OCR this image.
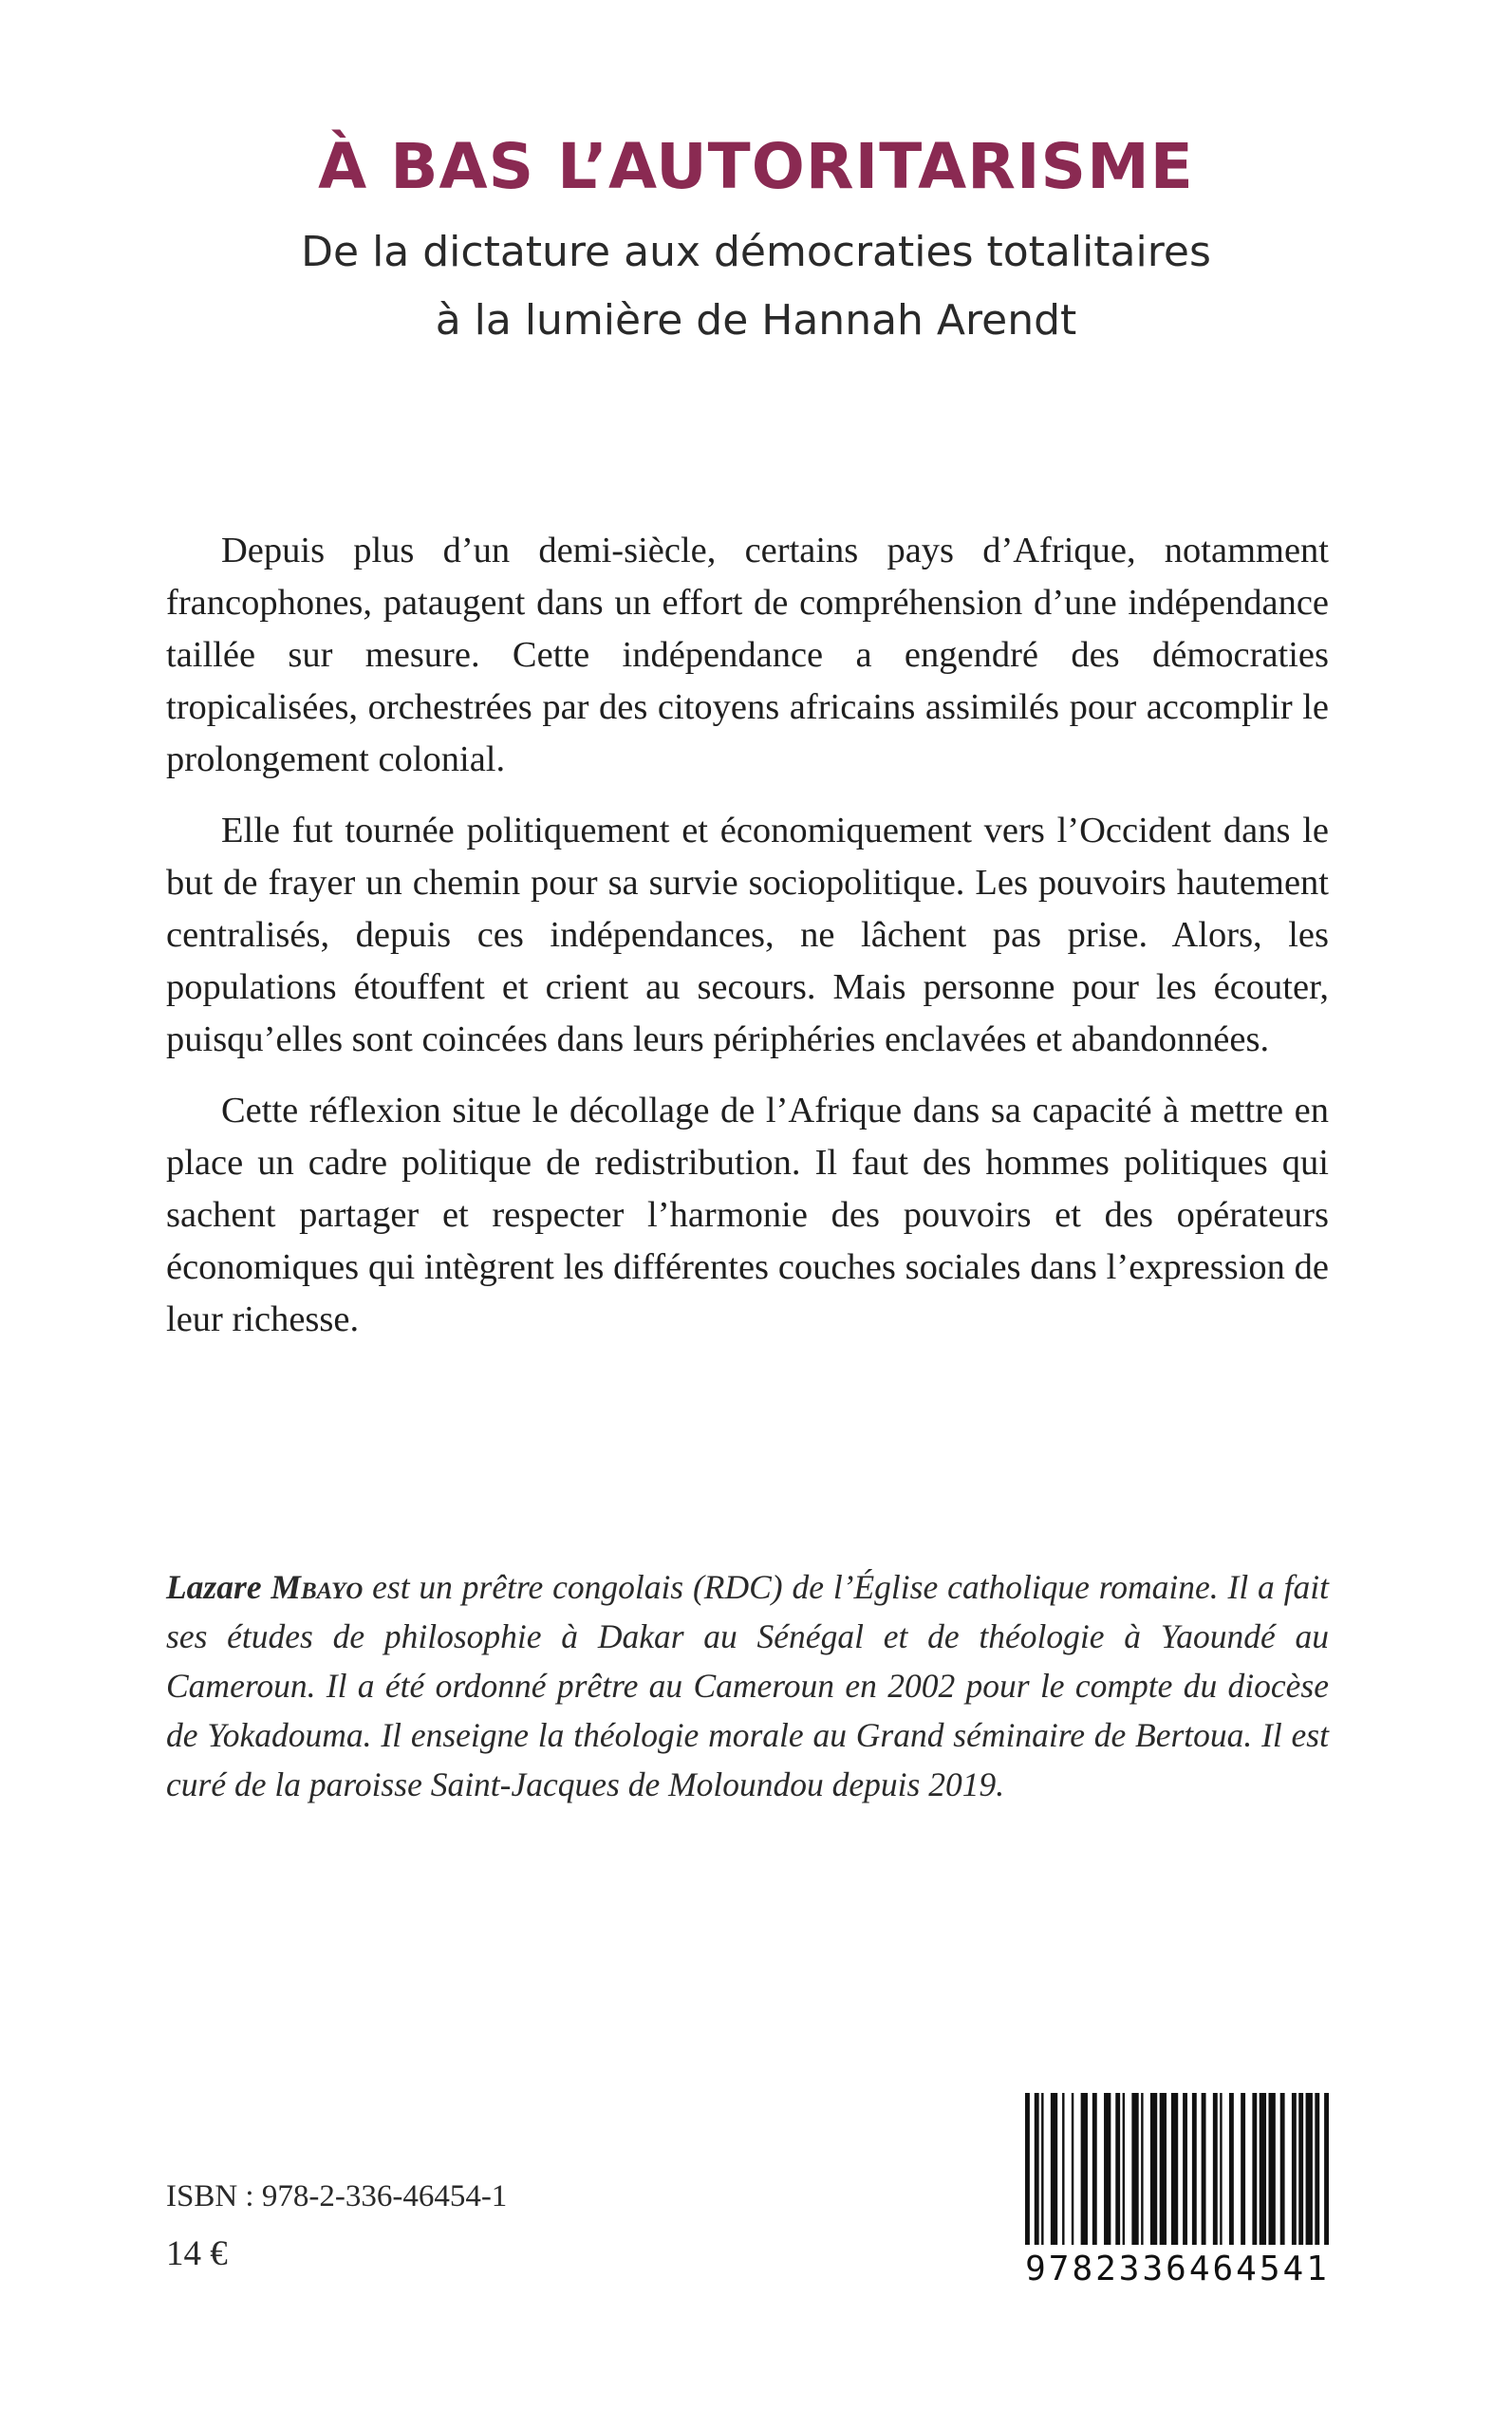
À BAS L’AUTORITARISME
De la dictature aux démocraties totalitaires
à la lumière de Hannah Arendt

Depuis plus d’un demi-siècle, certains pays d’Afrique, notamment francophones, pataugent dans un effort de compréhension d’une indépendance taillée sur mesure. Cette indépendance a engendré des démocraties tropicalisées, orchestrées par des citoyens africains assimilés pour accomplir le prolongement colonial.

Elle fut tournée politiquement et économiquement vers l’Occident dans le but de frayer un chemin pour sa survie sociopolitique. Les pouvoirs hautement centralisés, depuis ces indépendances, ne lâchent pas prise. Alors, les populations étouffent et crient au secours. Mais personne pour les écouter, puisqu’elles sont coincées dans leurs périphéries enclavées et abandonnées.

Cette réflexion situe le décollage de l’Afrique dans sa capacité à mettre en place un cadre politique de redistribution. Il faut des hommes politiques qui sachent partager et respecter l’harmonie des pouvoirs et des opérateurs économiques qui intègrent les différentes couches sociales dans l’expression de leur richesse.

Lazare Mbayo est un prêtre congolais (RDC) de l’Église catholique romaine. Il a fait ses études de philosophie à Dakar au Sénégal et de théologie à Yaoundé au Cameroun. Il a été ordonné prêtre au Cameroun en 2002 pour le compte du diocèse de Yokadouma. Il enseigne la théologie morale au Grand séminaire de Bertoua. Il est curé de la paroisse Saint-Jacques de Moloundou depuis 2019.
ISBN : 978-2-336-46454-1
14 €	9782336464541
